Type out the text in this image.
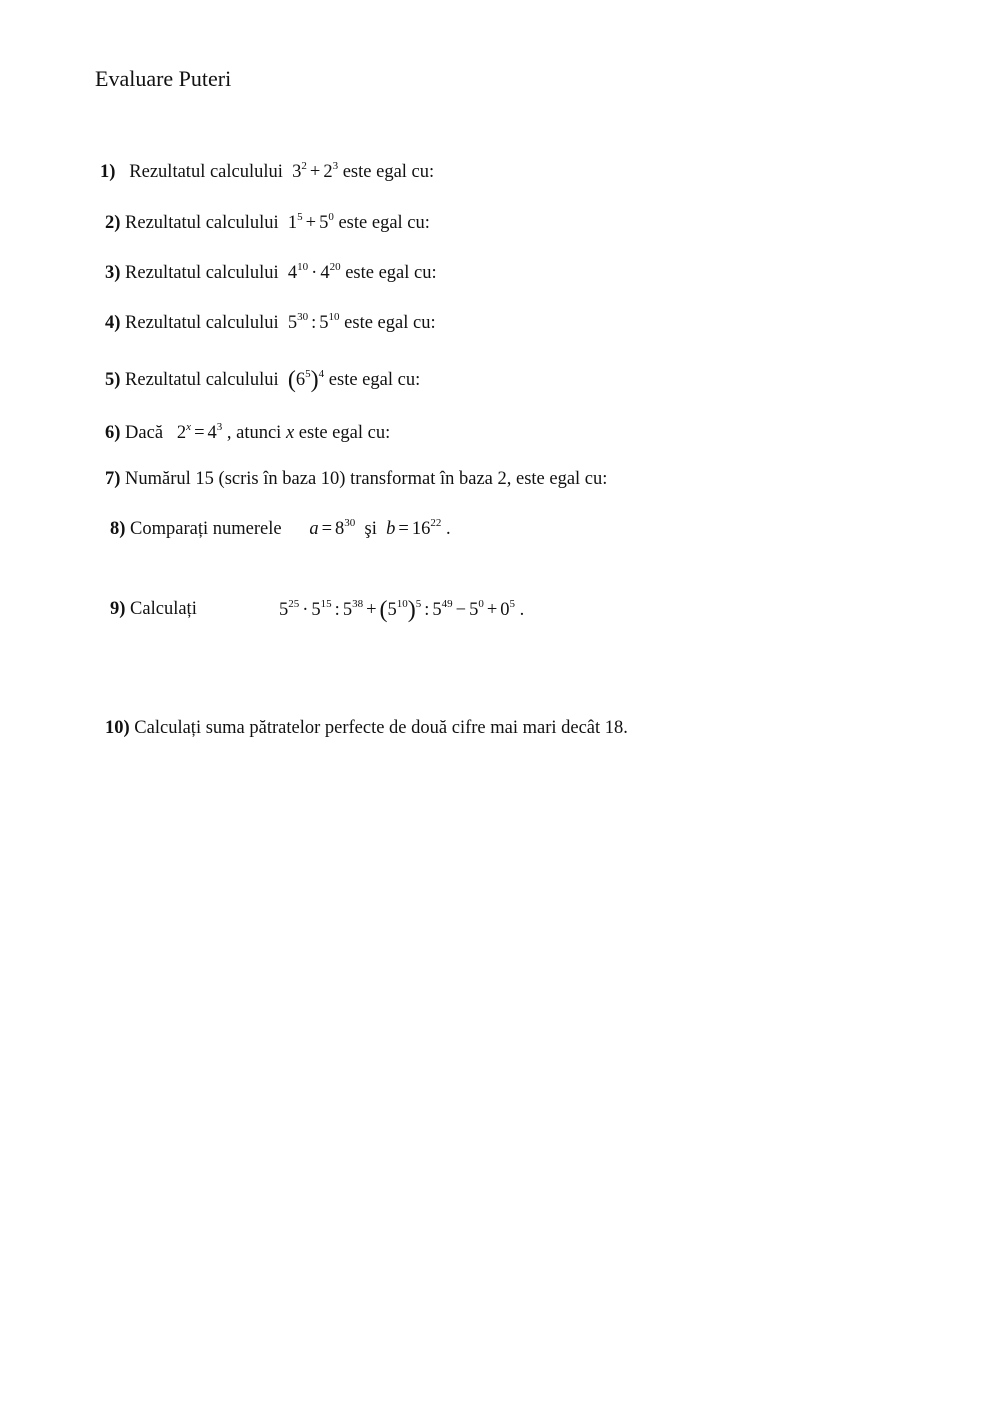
Evaluare Puteri
1) Rezultatul calculului $3^2 + 2^3$ este egal cu:
2) Rezultatul calculului $1^5 + 5^0$ este egal cu:
3) Rezultatul calculului $4^{10} \cdot 4^{20}$ este egal cu:
4) Rezultatul calculului $5^{30}$ : $5^{10}$ este egal cu:
5) Rezultatul calculului $(6^5)^4$ este egal cu:
6) Dacă $2^x = 4^3$ , atunci x este egal cu:
7) Numărul 15 (scris în baza 10) transformat în baza 2, este egal cu:
8) Comparați numerele $a = 8^{30}$ şi $b = 16^{22}$ .
9) Calculați	$5^{25} \cdot 5^{15}$ : $5^{38} + (5^{10})^5$ : $5^{49} - 5^0 + 0^5$ .
10) Calculați suma pătratelor perfecte de două cifre mai mari decât 18.
